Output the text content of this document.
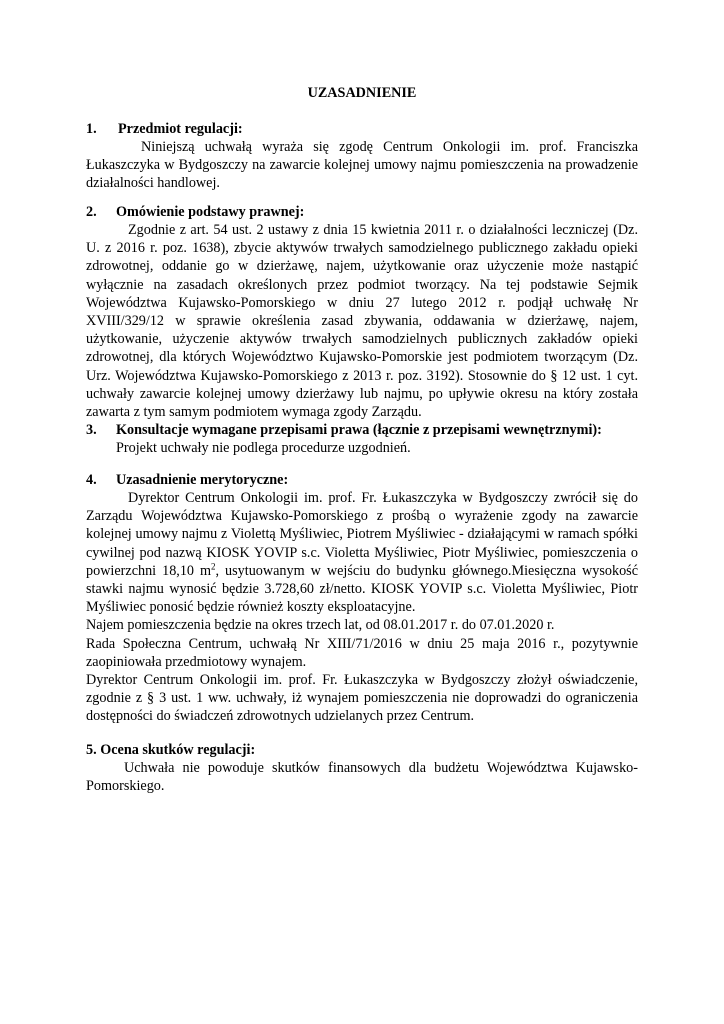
UZASADNIENIE
1. Przedmiot regulacji:

Niniejszą uchwałą wyraża się zgodę Centrum Onkologii im. prof. Franciszka Łukaszczyka w Bydgoszczy na zawarcie kolejnej umowy najmu pomieszczenia na prowadzenie działalności handlowej.

2. Omówienie podstawy prawnej:

Zgodnie z art. 54 ust. 2 ustawy z dnia 15 kwietnia 2011 r. o działalności leczniczej (Dz. U. z 2016 r. poz. 1638), zbycie aktywów trwałych samodzielnego publicznego zakładu opieki zdrowotnej, oddanie go w dzierżawę, najem, użytkowanie oraz użyczenie może nastąpić wyłącznie na zasadach określonych przez podmiot tworzący. Na tej podstawie Sejmik Województwa Kujawsko-Pomorskiego w dniu 27 lutego 2012 r. podjął uchwałę Nr XVIII/329/12 w sprawie określenia zasad zbywania, oddawania w dzierżawę, najem, użytkowanie, użyczenie aktywów trwałych samodzielnych publicznych zakładów opieki zdrowotnej, dla których Województwo Kujawsko-Pomorskie jest podmiotem tworzącym (Dz. Urz. Województwa Kujawsko-Pomorskiego z 2013 r. poz. 3192). Stosownie do § 12 ust. 1 cyt. uchwały zawarcie kolejnej umowy dzierżawy lub najmu, po upływie okresu na który została zawarta z tym samym podmiotem wymaga zgody Zarządu.

3. Konsultacje wymagane przepisami prawa (łącznie z przepisami wewnętrznymi):

Projekt uchwały nie podlega procedurze uzgodnień.

4. Uzasadnienie merytoryczne:

Dyrektor Centrum Onkologii im. prof. Fr. Łukaszczyka w Bydgoszczy zwrócił się do Zarządu Województwa Kujawsko-Pomorskiego z prośbą o wyrażenie zgody na zawarcie kolejnej umowy najmu z Violettą Myśliwiec, Piotrem Myśliwiec - działającymi w ramach spółki cywilnej pod nazwą KIOSK YOVIP s.c. Violetta Myśliwiec, Piotr Myśliwiec, pomieszczenia o powierzchni 18,10 $m^2$, usytuowanym w wejściu do budynku głównego.Miesięczna wysokość stawki najmu wynosić będzie 3.728,60 zł/netto. KIOSK YOVIP s.c. Violetta Myśliwiec, Piotr Myśliwiec ponosić będzie również koszty eksploatacyjne.

Najem pomieszczenia będzie na okres trzech lat, od 08.01.2017 r. do 07.01.2020 r.

Rada Społeczna Centrum, uchwałą Nr XIII/71/2016 w dniu 25 maja 2016 r., pozytywnie zaopiniowała przedmiotowy wynajem.

Dyrektor Centrum Onkologii im. prof. Fr. Łukaszczyka w Bydgoszczy złożył oświadczenie, zgodnie z § 3 ust. 1 ww. uchwały, iż wynajem pomieszczenia nie doprowadzi do ograniczenia dostępności do świadczeń zdrowotnych udzielanych przez Centrum.

5. Ocena skutków regulacji:

Uchwała nie powoduje skutków finansowych dla budżetu Województwa Kujawsko-Pomorskiego.
